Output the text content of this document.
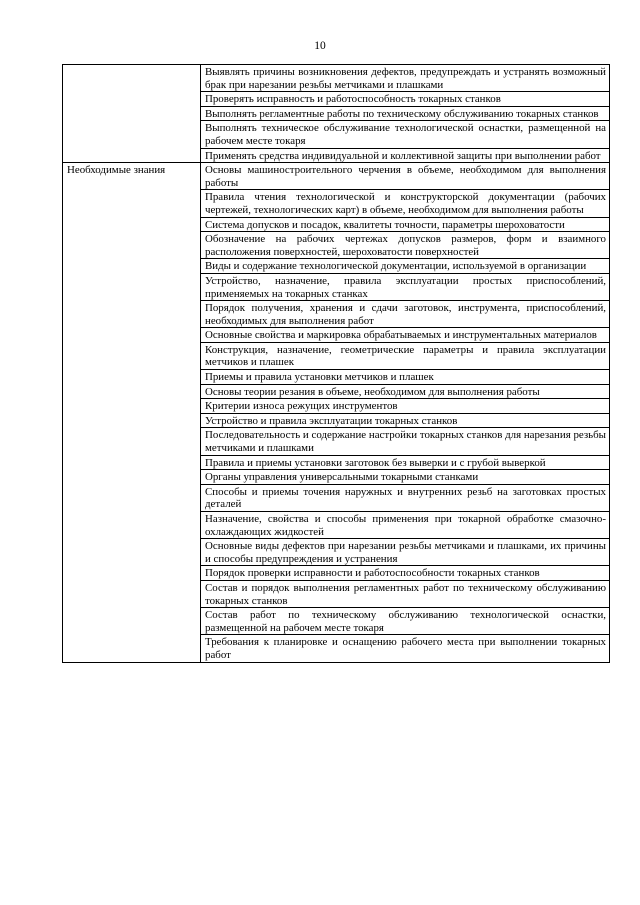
10
	Выявлять причины возникновения дефектов, предупреждать и устранять возможный брак при нарезании резьбы метчиками и плашками
	Проверять исправность и работоспособность токарных станков
	Выполнять регламентные работы по техническому обслуживанию токарных станков
	Выполнять техническое обслуживание технологической оснастки, размещенной на рабочем месте токаря
	Применять средства индивидуальной и коллективной защиты при выполнении работ
Необходимые знания	Основы машиностроительного черчения в объеме, необходимом для выполнения работы
	Правила чтения технологической и конструкторской документации (рабочих чертежей, технологических карт) в объеме, необходимом для выполнения работы
	Система допусков и посадок, квалитеты точности, параметры шероховатости
	Обозначение на рабочих чертежах допусков размеров, форм и взаимного расположения поверхностей, шероховатости поверхностей
	Виды и содержание технологической документации, используемой в организации
	Устройство, назначение, правила эксплуатации простых приспособлений, применяемых на токарных станках
	Порядок получения, хранения и сдачи заготовок, инструмента, приспособлений, необходимых для выполнения работ
	Основные свойства и маркировка обрабатываемых и инструментальных материалов
	Конструкция, назначение, геометрические параметры и правила эксплуатации метчиков и плашек
	Приемы и правила установки метчиков и плашек
	Основы теории резания в объеме, необходимом для выполнения работы
	Критерии износа режущих инструментов
	Устройство и правила эксплуатации токарных станков
	Последовательность и содержание настройки токарных станков для нарезания резьбы метчиками и плашками
	Правила и приемы установки заготовок без выверки и с грубой выверкой
	Органы управления универсальными токарными станками
	Способы и приемы точения наружных и внутренних резьб на заготовках простых деталей
	Назначение, свойства и способы применения при токарной обработке смазочно-охлаждающих жидкостей
	Основные виды дефектов при нарезании резьбы метчиками и плашками, их причины и способы предупреждения и устранения
	Порядок проверки исправности и работоспособности токарных станков
	Состав и порядок выполнения регламентных работ по техническому обслуживанию токарных станков
	Состав работ по техническому обслуживанию технологической оснастки, размещенной на рабочем месте токаря
	Требования к планировке и оснащению рабочего места при выполнении токарных работ
